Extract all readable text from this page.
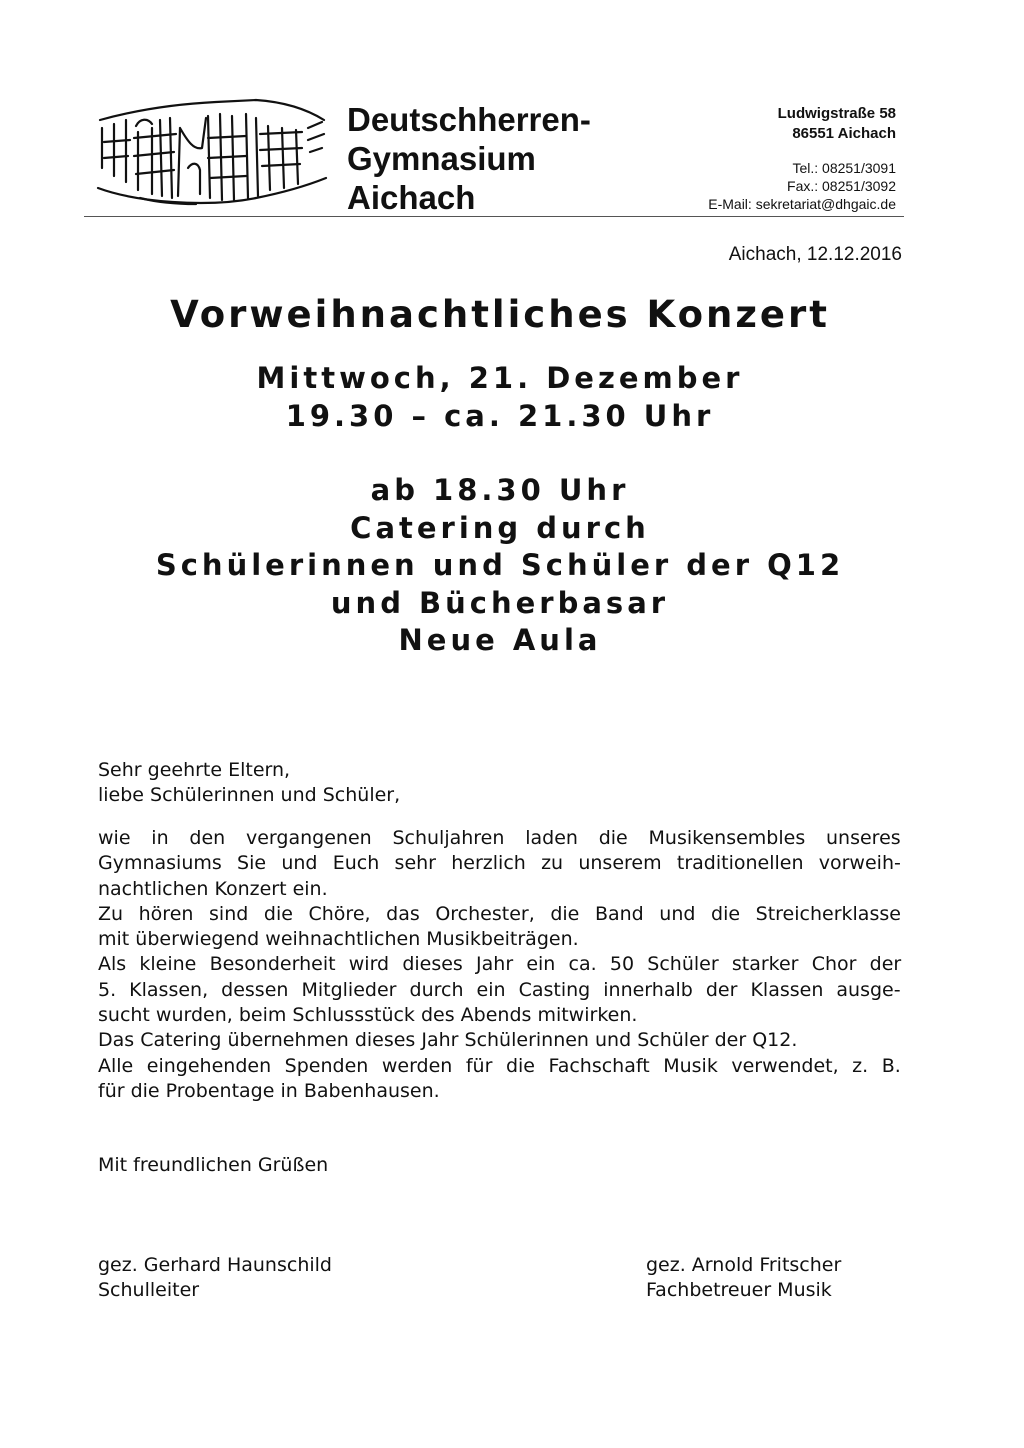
Deutschherren-
Gymnasium
Aichach
Ludwigstraße 58
86551 Aichach
Tel.: 08251/3091
Fax.: 08251/3092
E-Mail: sekretariat@dhgaic.de
Aichach, 12.12.2016
Vorweihnachtliches Konzert
Mittwoch, 21. Dezember
19.30 – ca. 21.30 Uhr
ab 18.30 Uhr
Catering durch
Schülerinnen und Schüler der Q12
und Bücherbasar
Neue Aula
Sehr geehrte Eltern,
liebe Schülerinnen und Schüler,
wie in den vergangenen Schuljahren laden die Musikensembles unseres
Gymnasiums Sie und Euch sehr herzlich zu unserem traditionellen vorweih-
nachtlichen Konzert ein.
Zu hören sind die Chöre, das Orchester, die Band und die Streicherklasse
mit überwiegend weihnachtlichen Musikbeiträgen.
Als kleine Besonderheit wird dieses Jahr ein ca. 50 Schüler starker Chor der
5. Klassen, dessen Mitglieder durch ein Casting innerhalb der Klassen ausge-
sucht wurden, beim Schlussstück des Abends mitwirken.
Das Catering übernehmen dieses Jahr Schülerinnen und Schüler der Q12.
Alle eingehenden Spenden werden für die Fachschaft Musik verwendet, z. B.
für die Probentage in Babenhausen.
Mit freundlichen Grüßen
gez. Gerhard Haunschild
Schulleiter
gez. Arnold Fritscher
Fachbetreuer Musik
